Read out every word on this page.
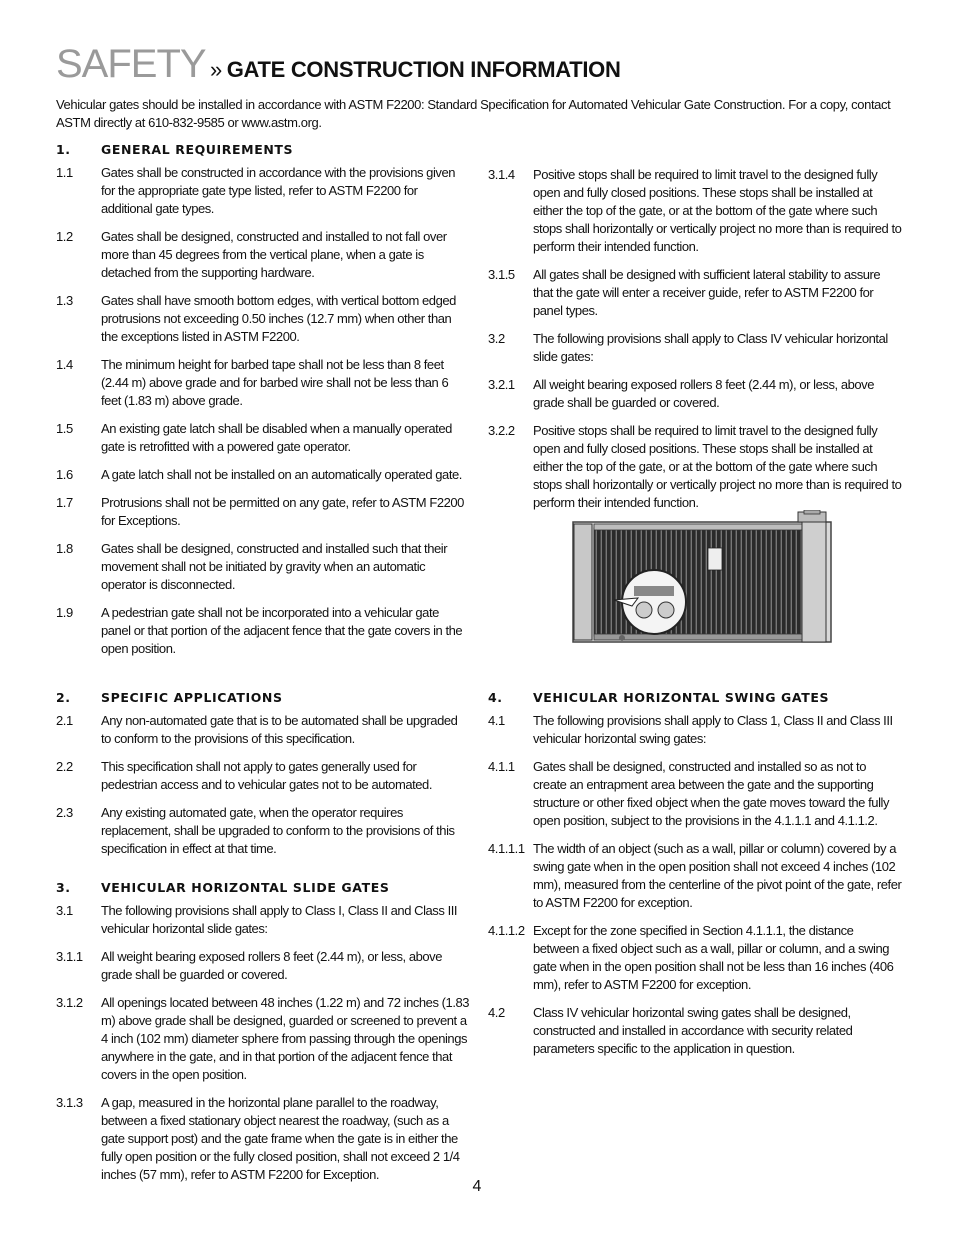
SAFETY » GATE CONSTRUCTION INFORMATION
Vehicular gates should be installed in accordance with ASTM F2200: Standard Specification for Automated Vehicular Gate Construction. For a copy, contact ASTM directly at 610-832-9585 or www.astm.org.
1.	GENERAL REQUIREMENTS
1.1	Gates shall be constructed in accordance with the provisions given for the appropriate gate type listed, refer to ASTM F2200 for additional gate types.
1.2	Gates shall be designed, constructed and installed to not fall over more than 45 degrees from the vertical plane, when a gate is detached from the supporting hardware.
1.3	Gates shall have smooth bottom edges, with vertical bottom edged protrusions not exceeding 0.50 inches (12.7 mm) when other than the exceptions listed in ASTM F2200.
1.4	The minimum height for barbed tape shall not be less than 8 feet (2.44 m) above grade and for barbed wire shall not be less than 6 feet (1.83 m) above grade.
1.5	An existing gate latch shall be disabled when a manually operated gate is retrofitted with a powered gate operator.
1.6	A gate latch shall not be installed on an automatically operated gate.
1.7	Protrusions shall not be permitted on any gate, refer to ASTM F2200 for Exceptions.
1.8	Gates shall be designed, constructed and installed such that their movement shall not be initiated by gravity when an automatic operator is disconnected.
1.9	A pedestrian gate shall not be incorporated into a vehicular gate panel or that portion of the adjacent fence that the gate covers in the open position.
2.	SPECIFIC APPLICATIONS
2.1	Any non-automated gate that is to be automated shall be upgraded to conform to the provisions of this specification.
2.2	This specification shall not apply to gates generally used for pedestrian access and to vehicular gates not to be automated.
2.3	Any existing automated gate, when the operator requires replacement, shall be upgraded to conform to the provisions of this specification in effect at that time.
3.	VEHICULAR HORIZONTAL SLIDE GATES
3.1	The following provisions shall apply to Class I, Class II and Class III vehicular horizontal slide gates:
3.1.1	All weight bearing exposed rollers 8 feet (2.44 m), or less, above grade shall be guarded or covered.
3.1.2	All openings located between 48 inches (1.22 m) and 72 inches (1.83 m) above grade shall be designed, guarded or screened to prevent a 4 inch (102 mm) diameter sphere from passing through the openings anywhere in the gate, and in that portion of the adjacent fence that covers in the open position.
3.1.3	A gap, measured in the horizontal plane parallel to the roadway, between a fixed stationary object nearest the roadway, (such as a gate support post) and the gate frame when the gate is in either the fully open position or the fully closed position, shall not exceed 2 1/4 inches (57 mm), refer to ASTM F2200 for Exception.
3.1.4	Positive stops shall be required to limit travel to the designed fully open and fully closed positions. These stops shall be installed at either the top of the gate, or at the bottom of the gate where such stops shall horizontally or vertically project no more than is required to perform their intended function.
3.1.5	All gates shall be designed with sufficient lateral stability to assure that the gate will enter a receiver guide, refer to ASTM F2200 for panel types.
3.2	The following provisions shall apply to Class IV vehicular horizontal slide gates:
3.2.1	All weight bearing exposed rollers 8 feet (2.44 m), or less, above grade shall be guarded or covered.
3.2.2	Positive stops shall be required to limit travel to the designed fully open and fully closed positions. These stops shall be installed at either the top of the gate, or at the bottom of the gate where such stops shall horizontally or vertically project no more than is required to perform their intended function.
4.	VEHICULAR HORIZONTAL SWING GATES
4.1	The following provisions shall apply to Class 1, Class II and Class III vehicular horizontal swing gates:
4.1.1	Gates shall be designed, constructed and installed so as not to create an entrapment area between the gate and the supporting structure or other fixed object when the gate moves toward the fully open position, subject to the provisions in the 4.1.1.1 and 4.1.1.2.
4.1.1.1 The width of an object (such as a wall, pillar or column) covered by a swing gate when in the open position shall not exceed 4 inches (102 mm), measured from the centerline of the pivot point of the gate, refer to ASTM F2200 for exception.
4.1.1.2 Except for the zone specified in Section 4.1.1.1, the distance between a fixed object such as a wall, pillar or column, and a swing gate when in the open position shall not be less than 16 inches (406 mm), refer to ASTM F2200 for exception.
4.2	Class IV vehicular horizontal swing gates shall be designed, constructed and installed in accordance with security related parameters specific to the application in question.
4
